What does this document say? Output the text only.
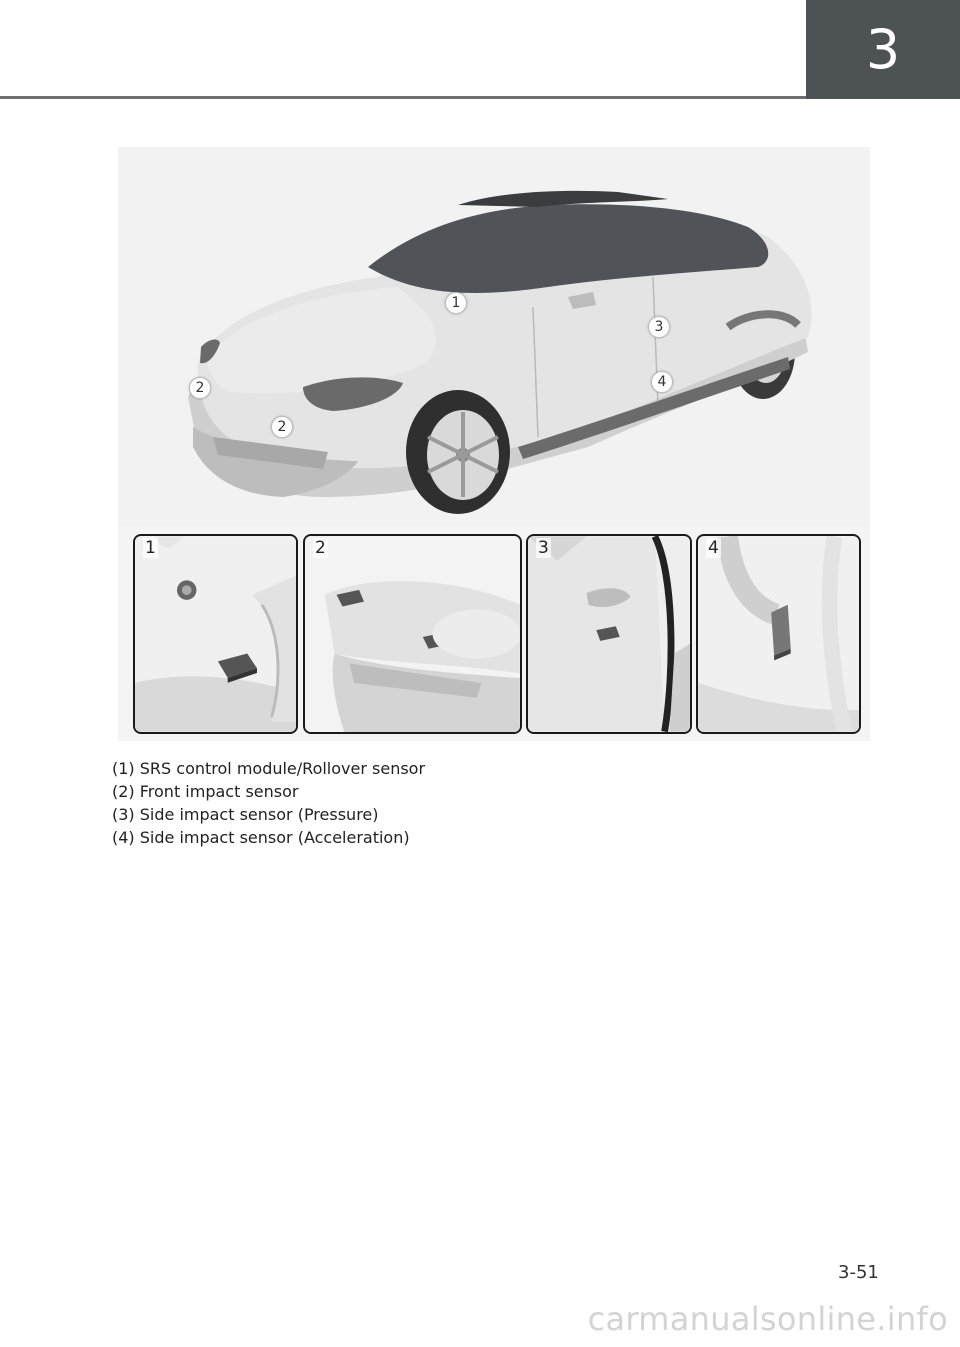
3
1
2
2
3
4
1	2	3	4
(1) SRS control module/Rollover sensor
(2) Front impact sensor
(3) Side impact sensor (Pressure)
(4) Side impact sensor (Acceleration)
3-51
carmanualsonline.info
